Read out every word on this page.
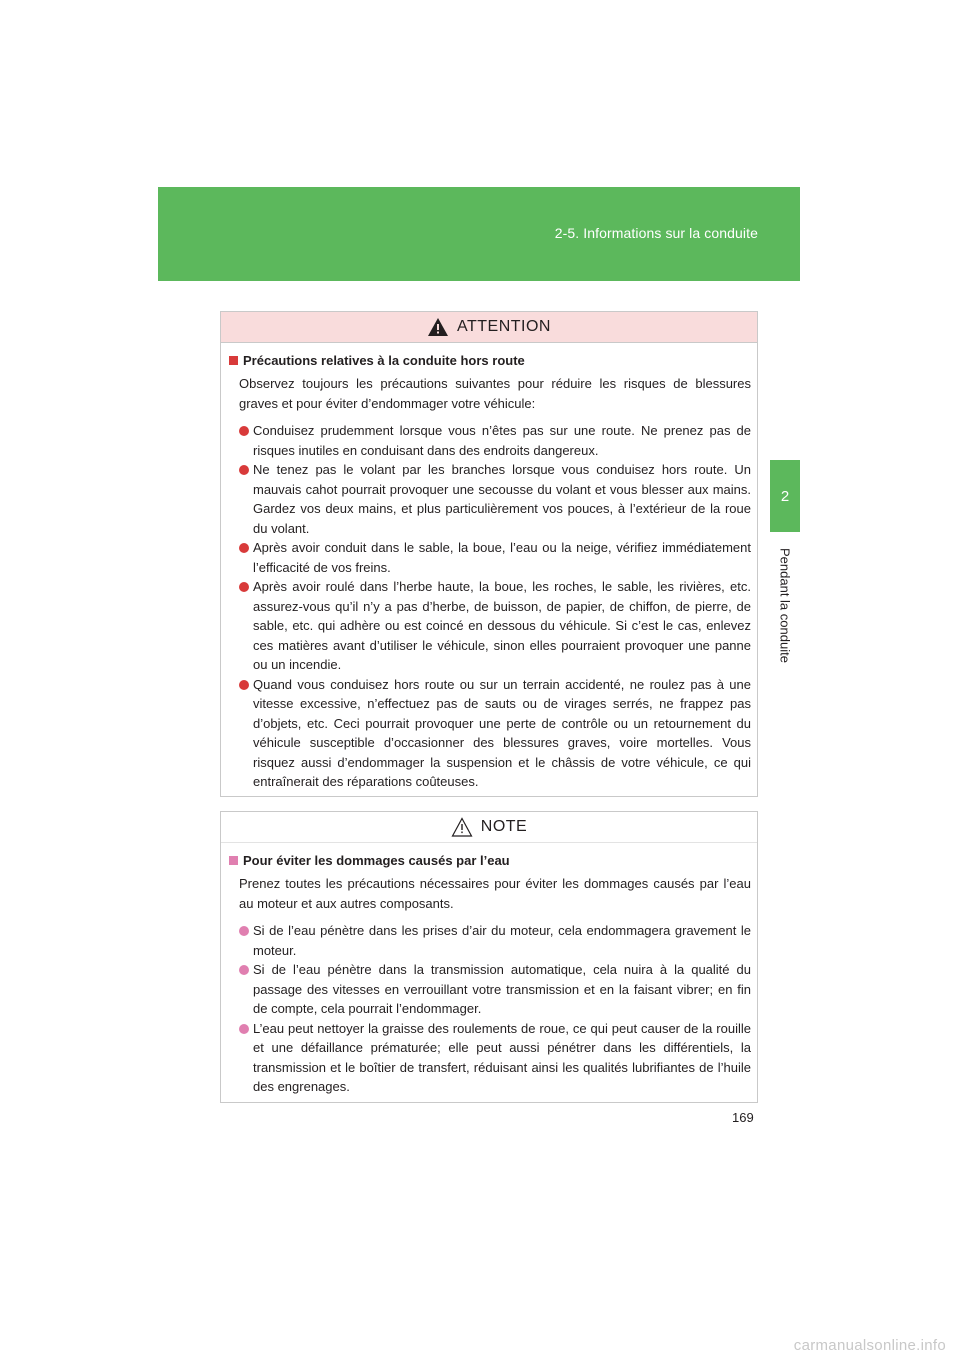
2-5. Informations sur la conduite
2
Pendant la conduite
ATTENTION
Précautions relatives à la conduite hors route
Observez toujours les précautions suivantes pour réduire les risques de blessures graves et pour éviter d’endommager votre véhicule:
Conduisez prudemment lorsque vous n’êtes pas sur une route. Ne prenez pas de risques inutiles en conduisant dans des endroits dangereux.
Ne tenez pas le volant par les branches lorsque vous conduisez hors route. Un mauvais cahot pourrait provoquer une secousse du volant et vous blesser aux mains. Gardez vos deux mains, et plus particulièrement vos pouces, à l’extérieur de la roue du volant.
Après avoir conduit dans le sable, la boue, l’eau ou la neige, vérifiez immédiatement l’efficacité de vos freins.
Après avoir roulé dans l’herbe haute, la boue, les roches, le sable, les rivières, etc. assurez-vous qu’il n’y a pas d’herbe, de buisson, de papier, de chiffon, de pierre, de sable, etc. qui adhère ou est coincé en dessous du véhicule. Si c’est le cas, enlevez ces matières avant d’utiliser le véhicule, sinon elles pourraient provoquer une panne ou un incendie.
Quand vous conduisez hors route ou sur un terrain accidenté, ne roulez pas à une vitesse excessive, n’effectuez pas de sauts ou de virages serrés, ne frappez pas d’objets, etc. Ceci pourrait provoquer une perte de contrôle ou un retournement du véhicule susceptible d’occasionner des blessures graves, voire mortelles. Vous risquez aussi d’endommager la suspension et le châssis de votre véhicule, ce qui entraînerait des réparations coûteuses.
NOTE
Pour éviter les dommages causés par l’eau
Prenez toutes les précautions nécessaires pour éviter les dommages causés par l’eau au moteur et aux autres composants.
Si de l’eau pénètre dans les prises d’air du moteur, cela endommagera gravement le moteur.
Si de l’eau pénètre dans la transmission automatique, cela nuira à la qualité du passage des vitesses en verrouillant votre transmission et en la faisant vibrer; en fin de compte, cela pourrait l’endommager.
L’eau peut nettoyer la graisse des roulements de roue, ce qui peut causer de la rouille et une défaillance prématurée; elle peut aussi pénétrer dans les différentiels, la transmission et le boîtier de transfert, réduisant ainsi les qualités lubrifiantes de l’huile des engrenages.
169
carmanualsonline.info
